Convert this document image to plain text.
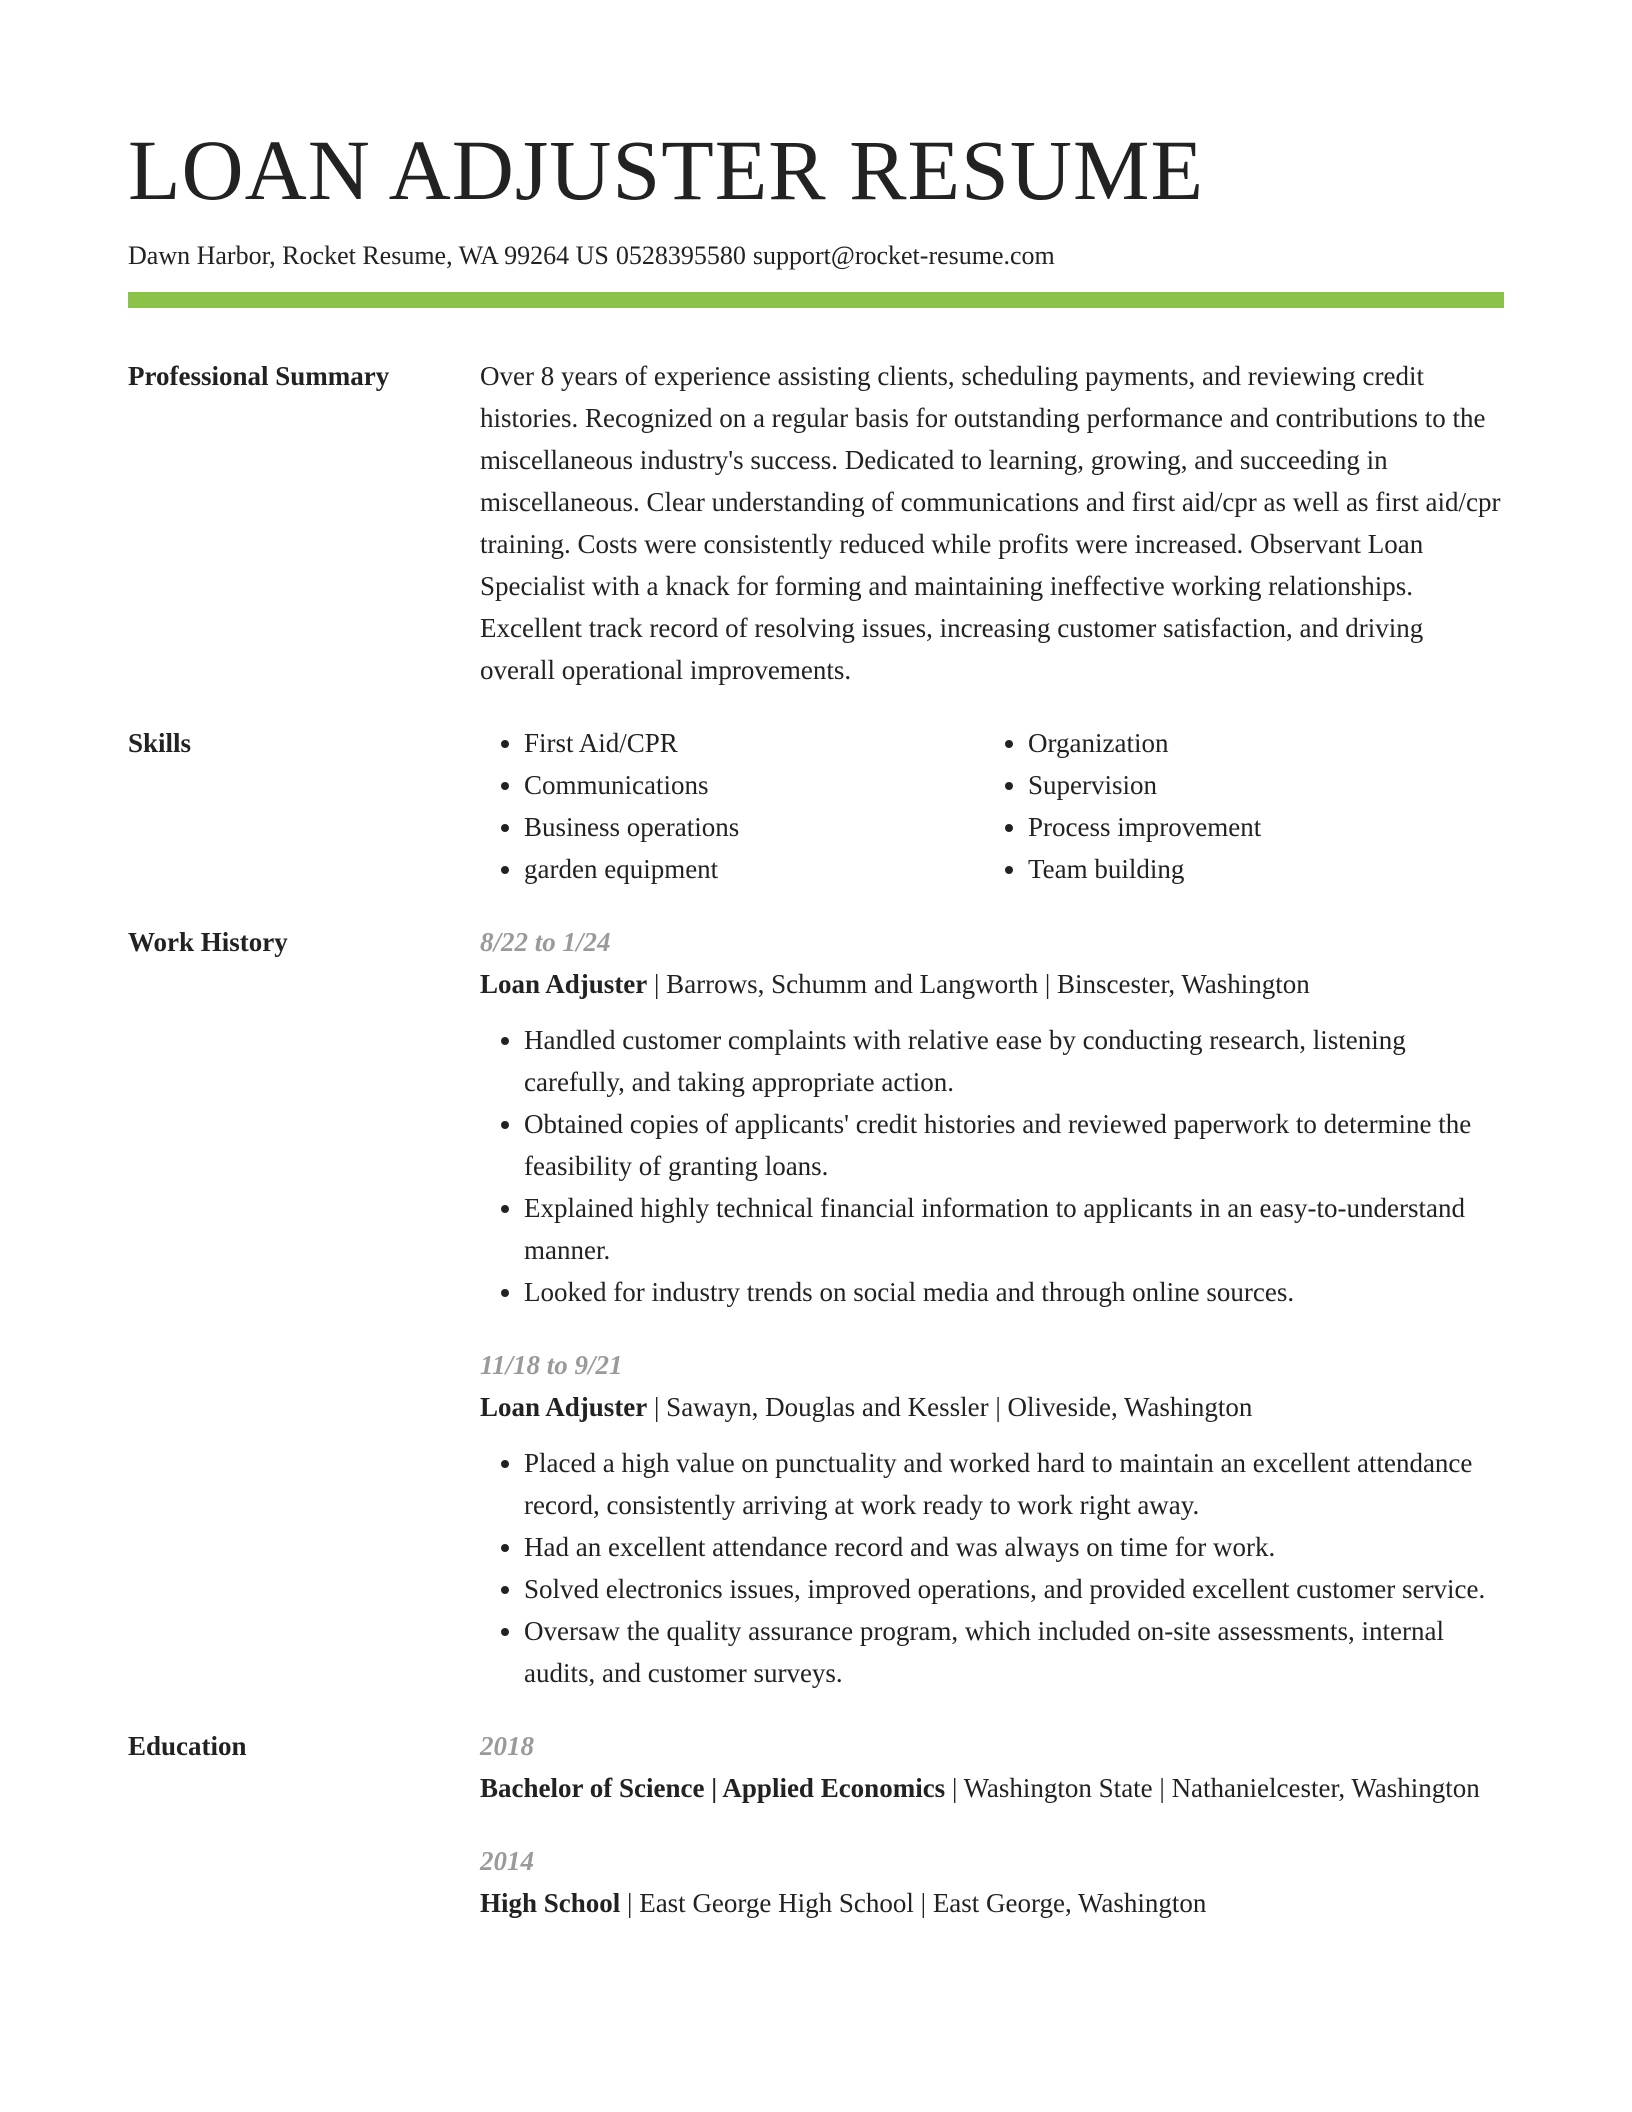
LOAN ADJUSTER RESUME
Dawn Harbor, Rocket Resume, WA 99264 US 0528395580 support@rocket-resume.com
Professional Summary	Over 8 years of experience assisting clients, scheduling payments, and reviewing credit histories. Recognized on a regular basis for outstanding performance and contributions to the miscellaneous industry's success. Dedicated to learning, growing, and succeeding in miscellaneous. Clear understanding of communications and first aid/cpr as well as first aid/cpr training. Costs were consistently reduced while profits were increased. Observant Loan Specialist with a knack for forming and maintaining ineffective working relationships. Excellent track record of resolving issues, increasing customer satisfaction, and driving overall operational improvements.

Skills
•	First Aid/CPR
• Communications
• Business operations
• garden equipment
• Organization
• Supervision
• Process improvement
• Team building
Work History	8/22 to 1/24
Loan Adjuster | Barrows, Schumm and Langworth | Binscester, Washington
• Handled customer complaints with relative ease by conducting research, listening carefully, and taking appropriate action.
• Obtained copies of applicants' credit histories and reviewed paperwork to determine the feasibility of granting loans.
• Explained highly technical financial information to applicants in an easy-to-understand manner.
• Looked for industry trends on social media and through online sources.
11/18 to 9/21
Loan Adjuster | Sawayn, Douglas and Kessler | Oliveside, Washington
• Placed a high value on punctuality and worked hard to maintain an excellent attendance record, consistently arriving at work ready to work right away.
• Had an excellent attendance record and was always on time for work.
• Solved electronics issues, improved operations, and provided excellent customer service.
• Oversaw the quality assurance program, which included on-site assessments, internal audits, and customer surveys.
Education	2018
Bachelor of Science | Applied Economics | Washington State | Nathanielcester, Washington
2014
High School | East George High School | East George, Washington
